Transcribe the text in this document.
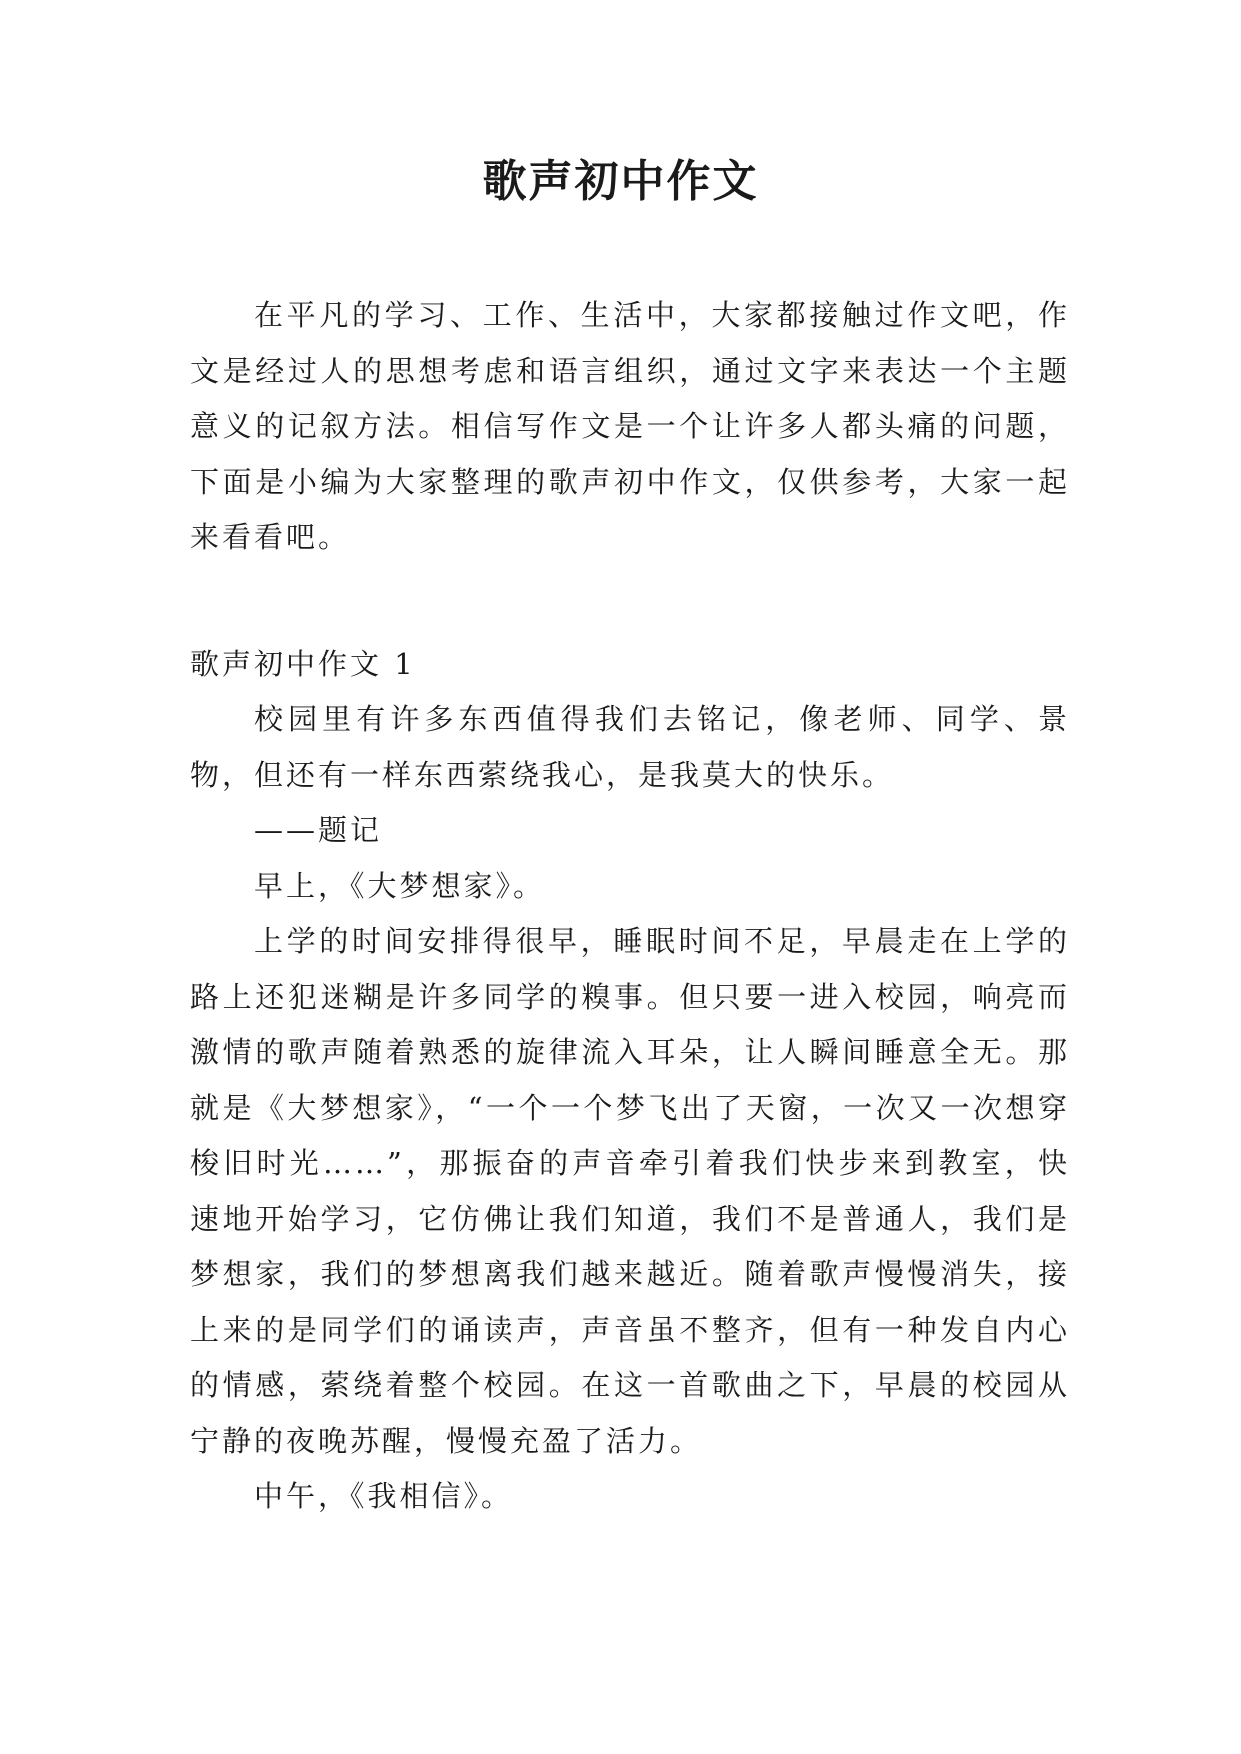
歌声初中作文

在平凡的学习、工作、生活中，大家都接触过作文吧，作文是经过人的思想考虑和语言组织，通过文字来表达一个主题意义的记叙方法。相信写作文是一个让许多人都头痛的问题，下面是小编为大家整理的歌声初中作文，仅供参考，大家一起来看看吧。

歌声初中作文 1

校园里有许多东西值得我们去铭记，像老师、同学、景物，但还有一样东西萦绕我心，是我莫大的快乐。

——题记

早上，《大梦想家》。

上学的时间安排得很早，睡眠时间不足，早晨走在上学的路上还犯迷糊是许多同学的糗事。但只要一进入校园，响亮而激情的歌声随着熟悉的旋律流入耳朵，让人瞬间睡意全无。那就是《大梦想家》，“一个一个梦飞出了天窗，一次又一次想穿梭旧时光……”，那振奋的声音牵引着我们快步来到教室，快速地开始学习，它仿佛让我们知道，我们不是普通人，我们是梦想家，我们的梦想离我们越来越近。随着歌声慢慢消失，接上来的是同学们的诵读声，声音虽不整齐，但有一种发自内心的情感，萦绕着整个校园。在这一首歌曲之下，早晨的校园从宁静的夜晚苏醒，慢慢充盈了活力。

中午，《我相信》。
